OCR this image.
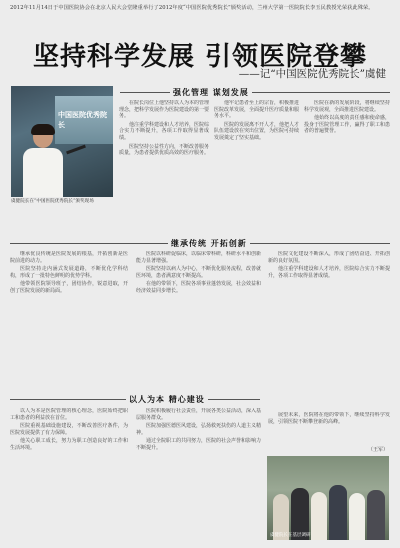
2012年11月14日于中国医院协会在北京人民大会堂隆重举行了2012年度“中国医院优秀院长”颁奖活动，兰州大学第一医院院长李玉民教授光荣获此殊荣。
坚持科学发展 引领医院登攀
——记“中国医院优秀院长”虞健
中国医院优秀院长
虞健院长在“中国医院优秀院长”颁奖现场
强化管理 谋划发展

在院长岗位上他坚持以人为本的管理理念，把科学发展作为医院建设的第一要务。

他注重学科建设和人才培养，医院综合实力不断提升，各项工作取得显著成绩。

医院坚持公益性方向，不断改善服务质量，为患者提供优质高效的医疗服务。

他牢记患者至上的宗旨，积极推进医院改革发展，全面提升医疗质量和服务水平。

医院的发展离不开人才，他把人才队伍建设放在突出位置，为医院可持续发展奠定了坚实基础。

医院在新的发展阶段，将继续坚持科学发展观，全面推进医院建设。

他始终以高度的责任感和使命感，投身于医院管理工作，赢得了职工和患者的普遍赞誉。

继承传统 开拓创新

继承优良传统是医院发展的根基，开拓创新是医院前进的动力。

医院坚持走内涵式发展道路，不断优化学科结构，形成了一批特色鲜明的优势学科。

他带领医院领导班子，团结协作，锐意进取，开创了医院发展的新局面。

医院以科研促临床，以临床带科研，科研水平和创新能力显著增强。

医院坚持以病人为中心，不断优化服务流程，改善就医环境，患者满意度不断提高。

在他的带领下，医院各项事业蓬勃发展，社会效益和经济效益同步增长。

医院文化建设不断深入，形成了团结奋进、开拓创新的良好氛围。

他注重学科建设和人才培养，医院综合实力不断提升，各项工作取得显著成绩。

以人为本 精心建设

以人为本是医院管理的核心理念，医院始终把职工和患者的利益放在首位。

医院重视基础设施建设，不断改善医疗条件，为医院发展提供了有力保障。

他关心职工成长，努力为职工创造良好的工作和生活环境。

医院积极履行社会责任，开展各类公益活动，深入基层服务群众。

医院加强医德医风建设，弘扬救死扶伤的人道主义精神。

通过全院职工的共同努力，医院的社会声誉和影响力不断提升。

展望未来，医院将在他的带领下，继续坚持科学发展，引领医院不断攀登新的高峰。

（王军）
虞健院长在基层调研
